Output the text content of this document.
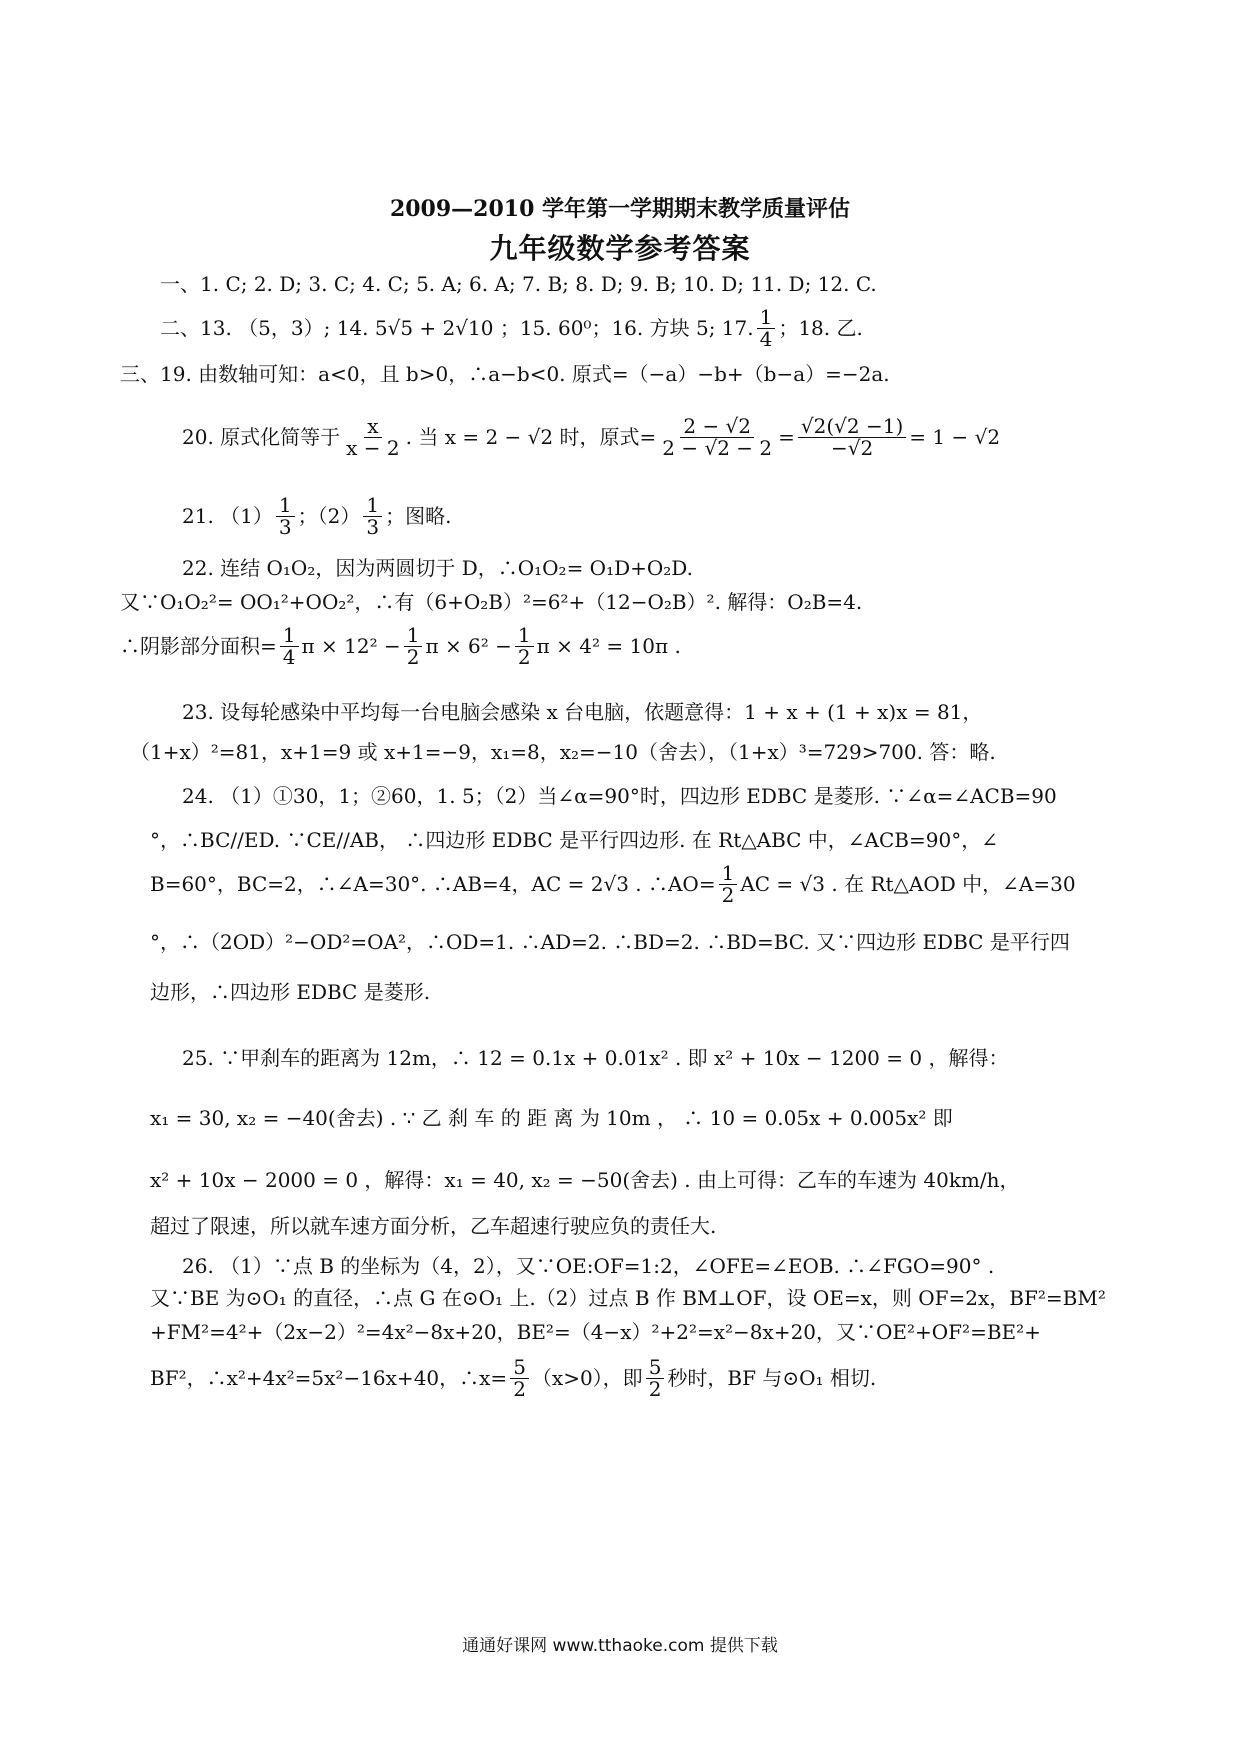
2009—2010 学年第一学期期末教学质量评估
九年级数学参考答案
一、1. C; 2. D; 3. C; 4. C; 5. A; 6. A; 7. B; 8. D; 9. B; 10. D; 11. D; 12. C.
二、13. （5，3）; 14. 5√5 + 2√10 ；15. 60⁰；16. 方块 5; 17. $\frac{1}{4}$ ；18. 乙.
三、19. 由数轴可知：a<0，且 b>0，∴a−b<0. 原式=（−a）−b+（b−a）=−2a.
20. 原式化简等于 $\frac{x}{x - 2}$ . 当 x = 2 − √2 时，原式= $\frac{2 - √2}{2 - √2 - 2} = \frac{√2(√2 -1)}{-√2} = 1 - √2$
21. $(1) \frac{1}{3}$ ；$(2) \frac{1}{3}$ ；图略.
22. 连结 O₁O₂，因为两圆切于 D，∴O₁O₂= O₁D+O₂D.
又∵O₁O₂²= OO₁²+OO₂²，∴有（6+O₂B）²=6²+（12−O₂B）². 解得：O₂B=4.
∴阴影部分面积= $\frac{1}{4}$ $\pi \times 12^2 - \frac{1}{2}$ $\pi \times 6^2 - \frac{1}{2}$ π × 4² = 10π .
23. 设每轮感染中平均每一台电脑会感染 x 台电脑，依题意得：1 + x + (1 + x)x = 81，
（1+x）²=81，x+1=9 或 x+1=−9，x₁=8，x₂=−10（舍去），（1+x）³=729>700. 答：略.
24. （1）①30，1；②60，1. 5；（2）当∠α=90°时，四边形 EDBC 是菱形. ∵∠α=∠ACB=90
°，∴BC//ED. ∵CE//AB， ∴四边形 EDBC 是平行四边形. 在 Rt△ABC 中，∠ACB=90°，∠
B=60°，BC=2，∴∠A=30°. ∴AB=4，AC = 2√3 . ∴AO= $\frac{1}{2}$ AC = √3 . 在 Rt△AOD 中，∠A=30
°，∴（2OD）²−OD²=OA²，∴OD=1. ∴AD=2. ∴BD=2. ∴BD=BC. 又∵四边形 EDBC 是平行四
边形，∴四边形 EDBC 是菱形.
25. ∵甲刹车的距离为 12m，∴ 12 = 0.1x + 0.01x² . 即 x² + 10x − 1200 = 0 ，解得：
x₁ = 30, x₂ = −40(舍去) . ∵ 乙 刹 车 的 距 离 为 10m ， ∴ 10 = 0.05x + 0.005x² 即
x² + 10x − 2000 = 0 ，解得：x₁ = 40, x₂ = −50(舍去) . 由上可得：乙车的车速为 40km/h，
超过了限速，所以就车速方面分析，乙车超速行驶应负的责任大.
26. （1）∵点 B 的坐标为（4，2），又∵OE:OF=1:2，∠OFE=∠EOB. ∴∠FGO=90° .
又∵BE 为⊙O₁ 的直径，∴点 G 在⊙O₁ 上.（2）过点 B 作 BM⊥OF，设 OE=x，则 OF=2x，BF²=BM²
+FM²=4²+（2x−2）²=4x²−8x+20，BE²=（4−x）²+2²=x²−8x+20，又∵OE²+OF²=BE²+
BF²，∴x²+4x²=5x²−16x+40，∴x= $\frac{5}{2} (x>0)$，即 $\frac{5}{2}$ 秒时，BF 与⊙O₁ 相切.
通通好课网 www.tthaoke.com 提供下载
